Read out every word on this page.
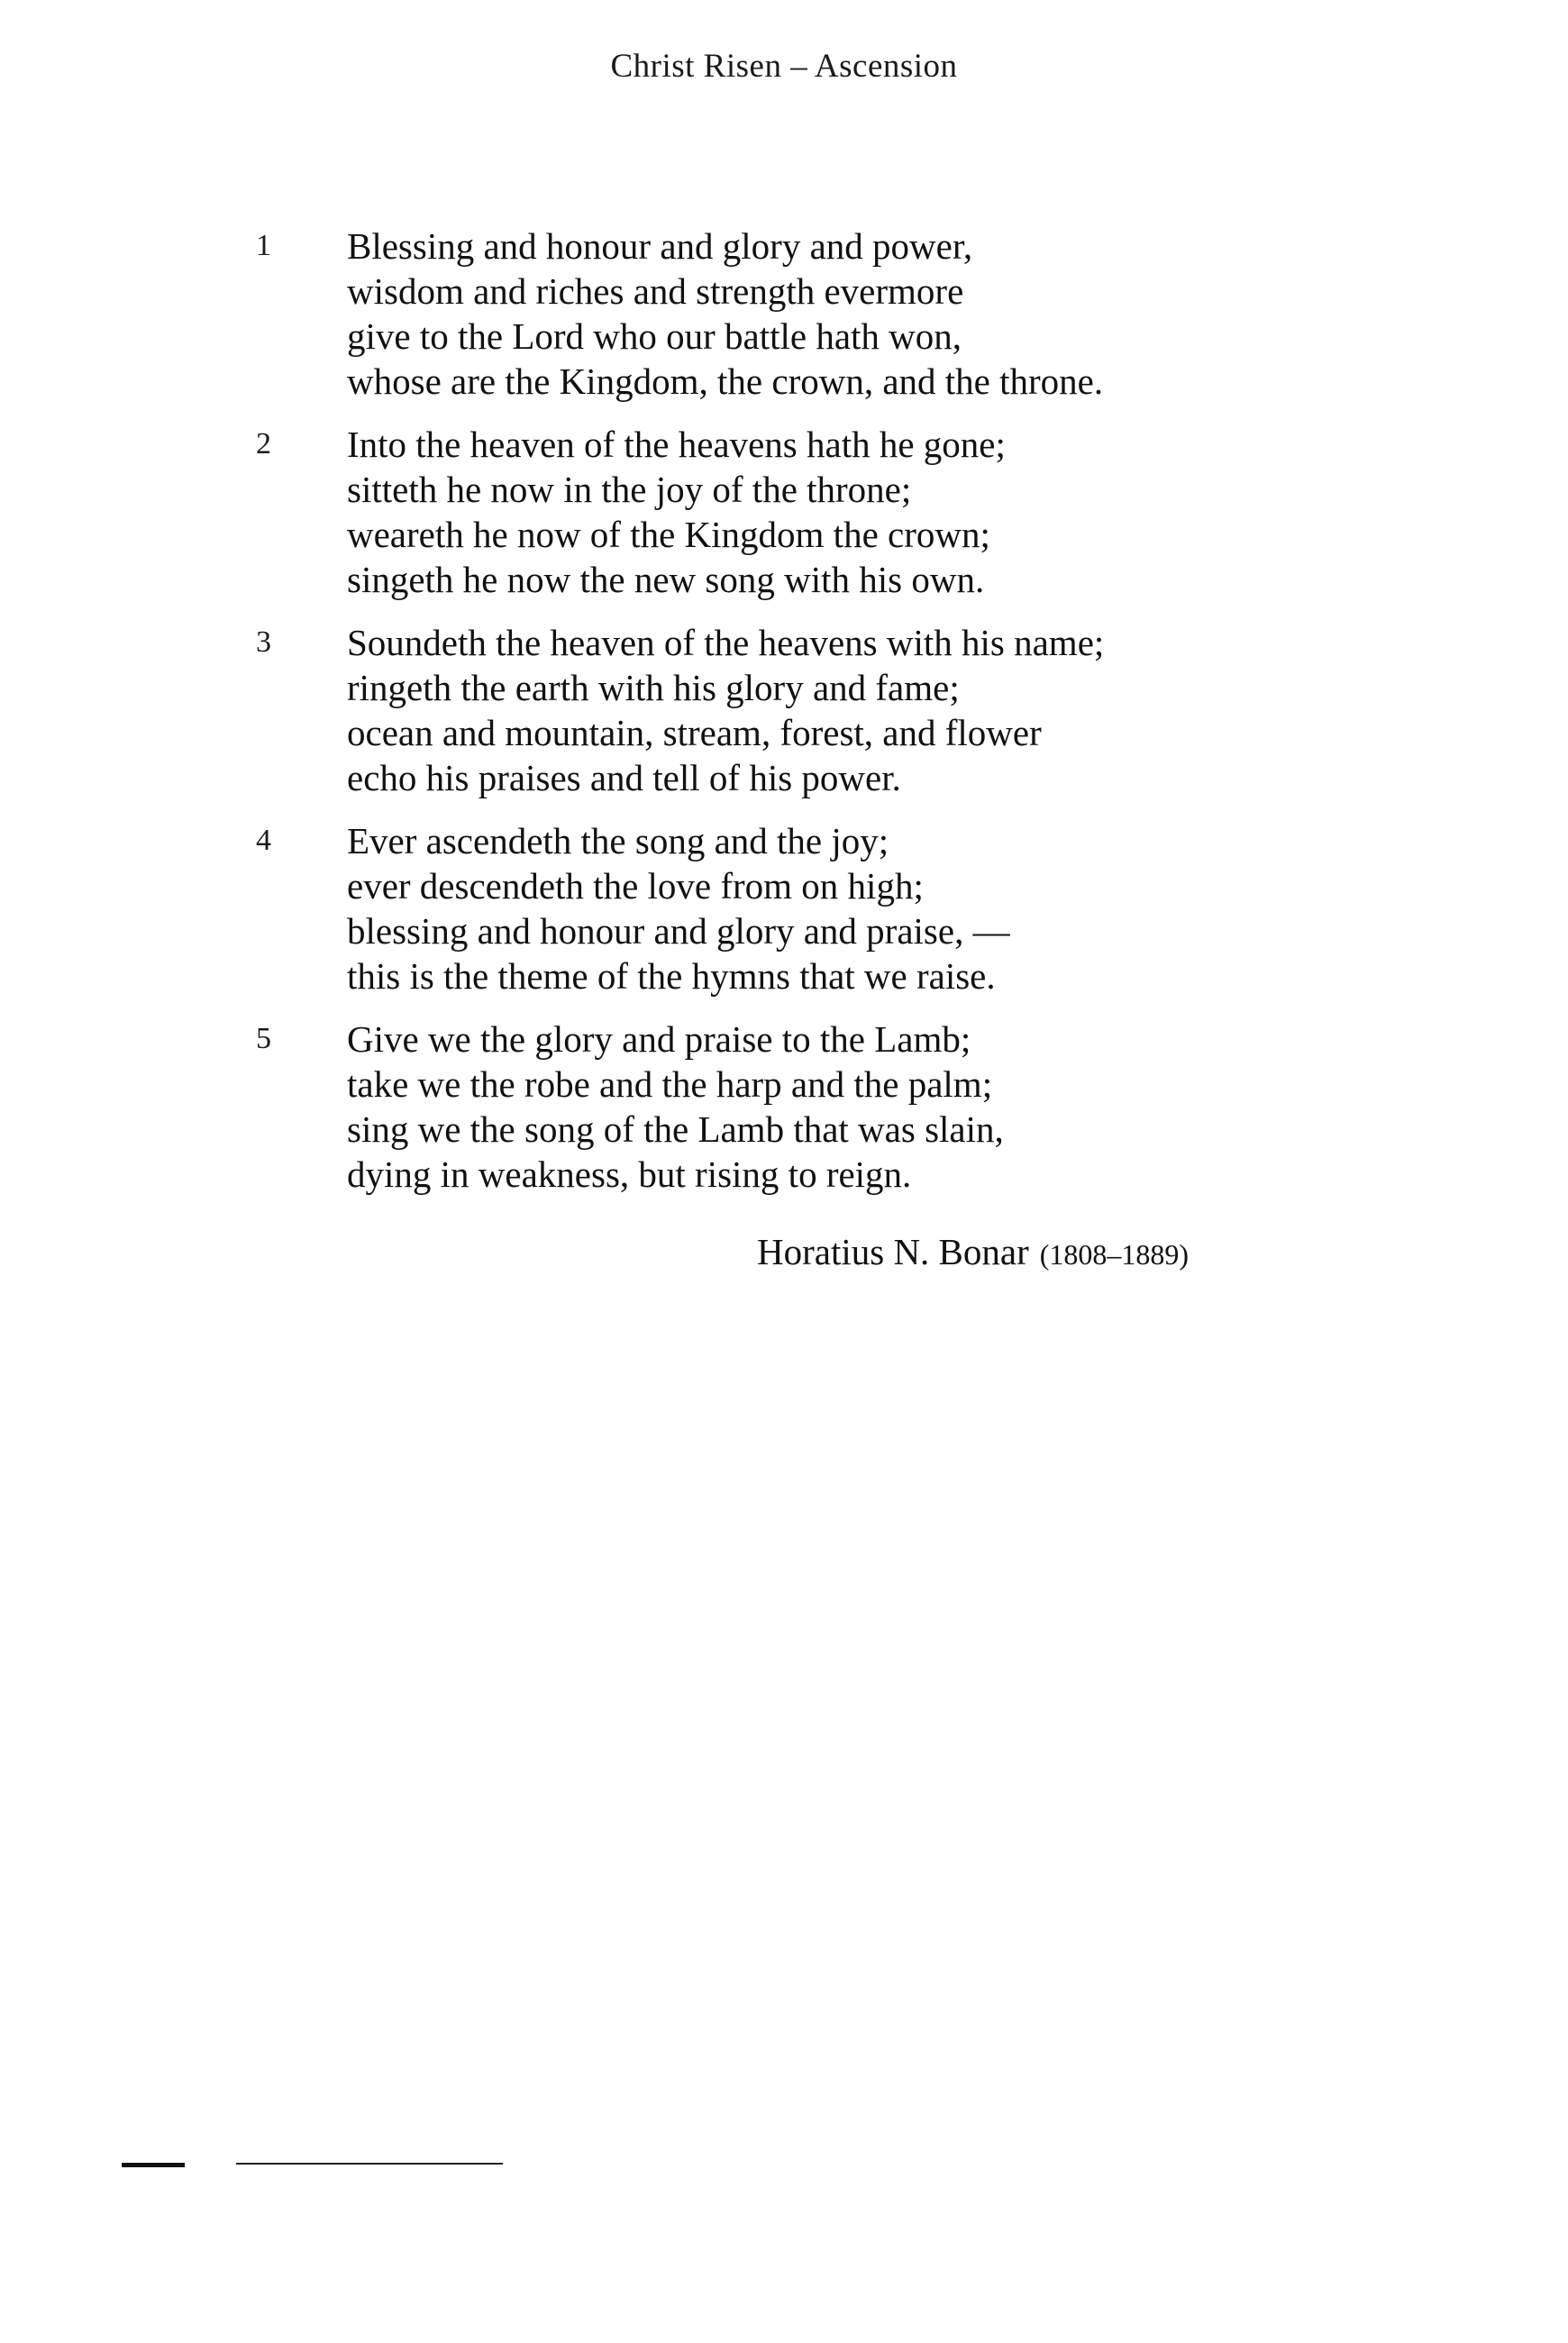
Christ Risen – Ascension
1 Blessing and honour and glory and power,
wisdom and riches and strength evermore
give to the Lord who our battle hath won,
whose are the Kingdom, the crown, and the throne.
2 Into the heaven of the heavens hath he gone;
sitteth he now in the joy of the throne;
weareth he now of the Kingdom the crown;
singeth he now the new song with his own.
3 Soundeth the heaven of the heavens with his name;
ringeth the earth with his glory and fame;
ocean and mountain, stream, forest, and flower
echo his praises and tell of his power.
4 Ever ascendeth the song and the joy;
ever descendeth the love from on high;
blessing and honour and glory and praise, —
this is the theme of the hymns that we raise.
5 Give we the glory and praise to the Lamb;
take we the robe and the harp and the palm;
sing we the song of the Lamb that was slain,
dying in weakness, but rising to reign.
Horatius N. Bonar (1808–1889)
